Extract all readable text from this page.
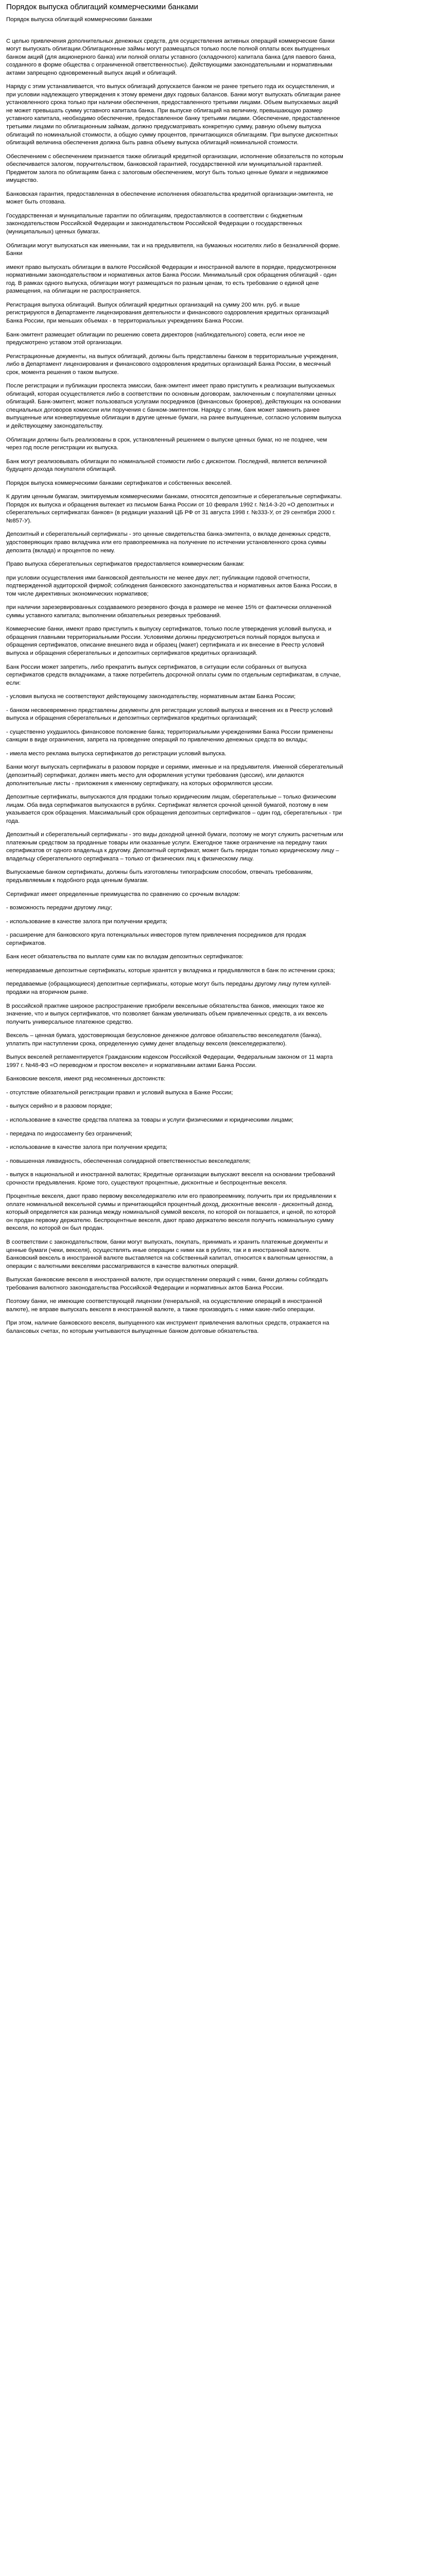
Порядок выпуска облигаций коммерческими банками
Порядок выпуска облигаций коммерческими банками

С целью привлечения дополнительных денежных средств, для осуществления активных операций коммерческие банки могут выпускать облигации.Облигационные займы могут размещаться только после полной оплаты всех выпущенных банком акций (для акционерного банка) или полной оплаты уставного (складочного) капитала банка (для паевого банка, созданного в форме общества с ограниченной ответственностью). Действующими законодательными и нормативными актами запрещено одновременный выпуск акций и облигаций.

Наряду с этим устанавливается, что выпуск облигаций допускается банком не ранее третьего года их осуществления, и при условии надлежащего утверждения к этому времени двух годовых балансов. Банки могут выпускать облигации ранее установленного срока только при наличии обеспечения, предоставленного третьими лицами. Объем выпускаемых акций не может превышать сумму уставного капитала банка. При выпуске облигаций на величину, превышающую размер уставного капитала, необходимо обеспечение, предоставленное банку третьими лицами. Обеспечение, предоставленное третьими лицами по облигационным займам, должно предусматривать конкретную сумму, равную объему выпуска облигаций по номинальной стоимости, а общую сумму процентов, причитающихся облигациям. При выпуске дисконтных облигаций величина обеспечения должна быть равна объему выпуска облигаций номинальной стоимости.

Обеспечением с обеспечением признается также облигаций кредитной организации, исполнение обязательств по которым обеспечивается залогом, поручительством, банковской гарантией, государственной или муниципальной гарантией. Предметом залога по облигациям банка с залоговым обеспечением, могут быть только ценные бумаги и недвижимое имущество.

Банковская гарантия, предоставленная в обеспечение исполнения обязательства кредитной организации-эмитента, не может быть отозвана.

Государственная и муниципальные гарантии по облигациям, предоставляются в соответствии с бюджетным законодательством Российской Федерации и законодательством Российской Федерации о государственных (муниципальных) ценных бумагах.

Облигации могут выпускаться как именными, так и на предъявителя, на бумажных носителях либо в безналичной форме. Банки

имеют право выпускать облигации в валюте Российской Федерации и иностранной валюте в порядке, предусмотренном нормативными законодательством и нормативных актов Банка России. Минимальный срок обращения облигаций - один год. В рамках одного выпуска, облигации могут размещаться по разным ценам, то есть требование о единой цене размещения, на облигации не распространяется.

Регистрация выпуска облигаций. Выпуск облигаций кредитных организаций на сумму 200 млн. руб. и выше регистрируются в Департаменте лицензирования деятельности и финансового оздоровления кредитных организаций Банка России, при меньших объемах - в территориальных учреждениях Банка России.

Банк-эмитент размещает облигации по решению совета директоров (наблюдательного) совета, если иное не предусмотрено уставом этой организации.

Регистрационные документы, на выпуск облигаций, должны быть представлены банком в территориальные учреждения, либо в Департамент лицензирования и финансового оздоровления кредитных организаций Банка России, в месячный срок, момента решения о таком выпуске.

После регистрации и публикации проспекта эмиссии, банк-эмитент имеет право приступить к реализации выпускаемых облигаций, которая осуществляется либо в соответствии по основным договорам, заключенным с покупателями ценных облигаций. Банк-эмитент, может пользоваться услугами посредников (финансовых брокеров), действующих на основании специальных договоров комиссии или поручения с банком-эмитентом. Наряду с этим, банк может заменить ранее выпущенные или конвертируемые облигации в другие ценные бумаги, на ранее выпущенные, согласно условиям выпуска и действующему законодательству.

Облигации должны быть реализованы в срок, установленный решением о выпуске ценных бумаг, но не позднее, чем через год после регистрации их выпуска.

Банк могут реализовывать облигации по номинальной стоимости либо с дисконтом. Последний, является величиной будущего дохода покупателя облигаций.

Порядок выпуска коммерческими банками сертификатов и собственных векселей.

К другим ценным бумагам, эмитируемым коммерческими банками, относятся депозитные и сберегательные сертификаты. Порядок их выпуска и обращения вытекает из письмом Банка России от 10 февраля 1992 г. №14-3-20 «О депозитных и сберегательных сертификатах банков» (в редакции указаний ЦБ РФ от 31 августа 1998 г. №333-У, от 29 сентября 2000 г. №857-У).

Депозитный и сберегательный сертификаты - это ценные свидетельства банка-эмитента, о вкладе денежных средств, удостоверяющих право вкладчика или его правопреемника на получение по истечении установленного срока суммы депозита (вклада) и процентов по нему.

Право выпуска сберегательных сертификатов предоставляется коммерческим банкам:

при условии осуществления ими банковской деятельности не менее двух лет; публикации годовой отчетности, подтвержденной аудиторской фирмой; соблюдения банковского законодательства и нормативных актов Банка России, в том числе директивных экономических нормативов;

при наличии зарезервированных создаваемого резервного фонда в размере не менее 15% от фактически оплаченной суммы уставного капитала; выполнении обязательных резервных требований.

Коммерческие банки, имеют право приступить к выпуску сертификатов, только после утверждения условий выпуска, и обращения главными территориальными России. Условиями должны предусмотреться полный порядок выпуска и обращения сертификатов, описание внешнего вида и образец (макет) сертификата и их внесение в Реестр условий выпуска и обращения сберегательных и депозитных сертификатов кредитных организаций.

Банк России может запретить, либо прекратить выпуск сертификатов, в ситуации если собранных от выпуска сертификатов средств вкладчиками, а также потребитель досрочной оплаты сумм по отдельным сертификатам, в случае, если:

- условия выпуска не соответствуют действующему законодательству, нормативным актам Банка России;

- банком несвоевременно представлены документы для регистрации условий выпуска и внесения их в Реестр условий выпуска и обращения сберегательных и депозитных сертификатов кредитных организаций;

- существенно ухудшилось финансовое положение банка; территориальными учреждениями Банка России применены санкции в виде ограничения, запрета на проведение операций по привлечению денежных средств во вклады;

- имела место реклама выпуска сертификатов до регистрации условий выпуска.

Банки могут выпускать сертификаты в разовом порядке и сериями, именные и на предъявителя. Именной сберегательный (депозитный) сертификат, должен иметь место для оформления уступки требования (цессии), или делаются дополнительные листы - приложения к именному сертификату, на которых оформляются цессии.

Депозитные сертификаты, выпускаются для продажи только юридическим лицам, сберегательные – только физическим лицам. Оба вида сертификатов выпускаются в рублях. Сертификат является срочной ценной бумагой, поэтому в нем указывается срок обращения. Максимальный срок обращения депозитных сертификатов – один год, сберегательных - три года.

Депозитный и сберегательный сертификаты - это виды доходной ценной бумаги, поэтому не могут служить расчетным или платежным средством за проданные товары или оказанные услуги. Ежегодное также ограничение на передачу таких сертификатов от одного владельца к другому. Депозитный сертификат, может быть передан только юридическому лицу – владельцу сберегательного сертификата – только от физических лиц к физическому лицу.

Выпускаемые банком сертификаты, должны быть изготовлены типографским способом, отвечать требованиям, предъявляемым к подобного рода ценным бумагам.

Сертификат имеет определенные преимущества по сравнению со срочным вкладом:

- возможность передачи другому лицу;

- использование в качестве залога при получении кредита;

- расширение для банковского круга потенциальных инвесторов путем привлечения посредников для продаж сертификатов.

Банк несет обязательства по выплате сумм как по вкладам депозитных сертификатов:

непередаваемые депозитные сертификаты, которые хранятся у вкладчика и предъявляются в банк по истечении срока;

передаваемые (обращающиеся) депозитные сертификаты, которые могут быть переданы другому лицу путем куплей-продажи на вторичном рынке.

В российской практике широкое распространение приобрели вексельные обязательства банков, имеющих такое же значение, что и выпуск сертификатов, что позволяет банкам увеличивать объем привлеченных средств, а их вексель получить универсальное платежное средство.

Вексель – ценная бумага, удостоверяющая безусловное денежное долговое обязательство векселедателя (банка), уплатить при наступлении срока, определенную сумму денег владельцу векселя (векселедержателю).

Выпуск векселей регламентируется Гражданским кодексом Российской Федерации, Федеральным законом от 11 марта 1997 г. №48-ФЗ «О переводном и простом векселе» и нормативными актами Банка России.

Банковские векселя, имеют ряд несомненных достоинств:

- отсутствие обязательной регистрации правил и условий выпуска в Банке России;

- выпуск серийно и в разовом порядке;

- использование в качестве средства платежа за товары и услуги физическими и юридическими лицами;

- передача по индоссаменту без ограничений;

- использование в качестве залога при получении кредита;

- повышенная ликвидность, обеспеченная солидарной ответственностью векселедателя;

- выпуск в национальной и иностранной валютах; Кредитные организации выпускают векселя на основании требований срочности предъявления. Кроме того, существуют процентные, дисконтные и беспроцентные векселя.

Процентные векселя, дают право первому векселедержателю или его правопреемнику, получить при их предъявлении к оплате номинальной вексельной суммы и причитающийся процентный доход, дисконтные векселя - дисконтный доход, который определяется как разница между номинальной суммой векселя, по которой он погашается, и ценой, по которой он продан первому держателю. Беспроцентные векселя, дают право держателю векселя получить номинальную сумму векселя, по которой он был продан.

В соответствии с законодательством, банки могут выпускать, покупать, принимать и хранить платежные документы и ценные бумаги (чеки, векселя), осуществлять иные операции с ними как в рублях, так и в иностранной валюте. Банковский вексель в иностранной валюте выставляется на собственный капитал, относится к валютным ценностям, а операции с валютными векселями рассматриваются в качестве валютных операций.

Выпуская банковские векселя в иностранной валюте, при осуществлении операций с ними, банки должны соблюдать требования валютного законодательства Российской Федерации и нормативных актов Банка России.

Поэтому банки, не имеющие соответствующей лицензии (генеральной, на осуществление операций в иностранной валюте), не вправе выпускать векселя в иностранной валюте, а также производить с ними какие-либо операции.

При этом, наличие банковского векселя, выпущенного как инструмент привлечения валютных средств, отражается на балансовых счетах, по которым учитываются выпущенные банком долговые обязательства.
